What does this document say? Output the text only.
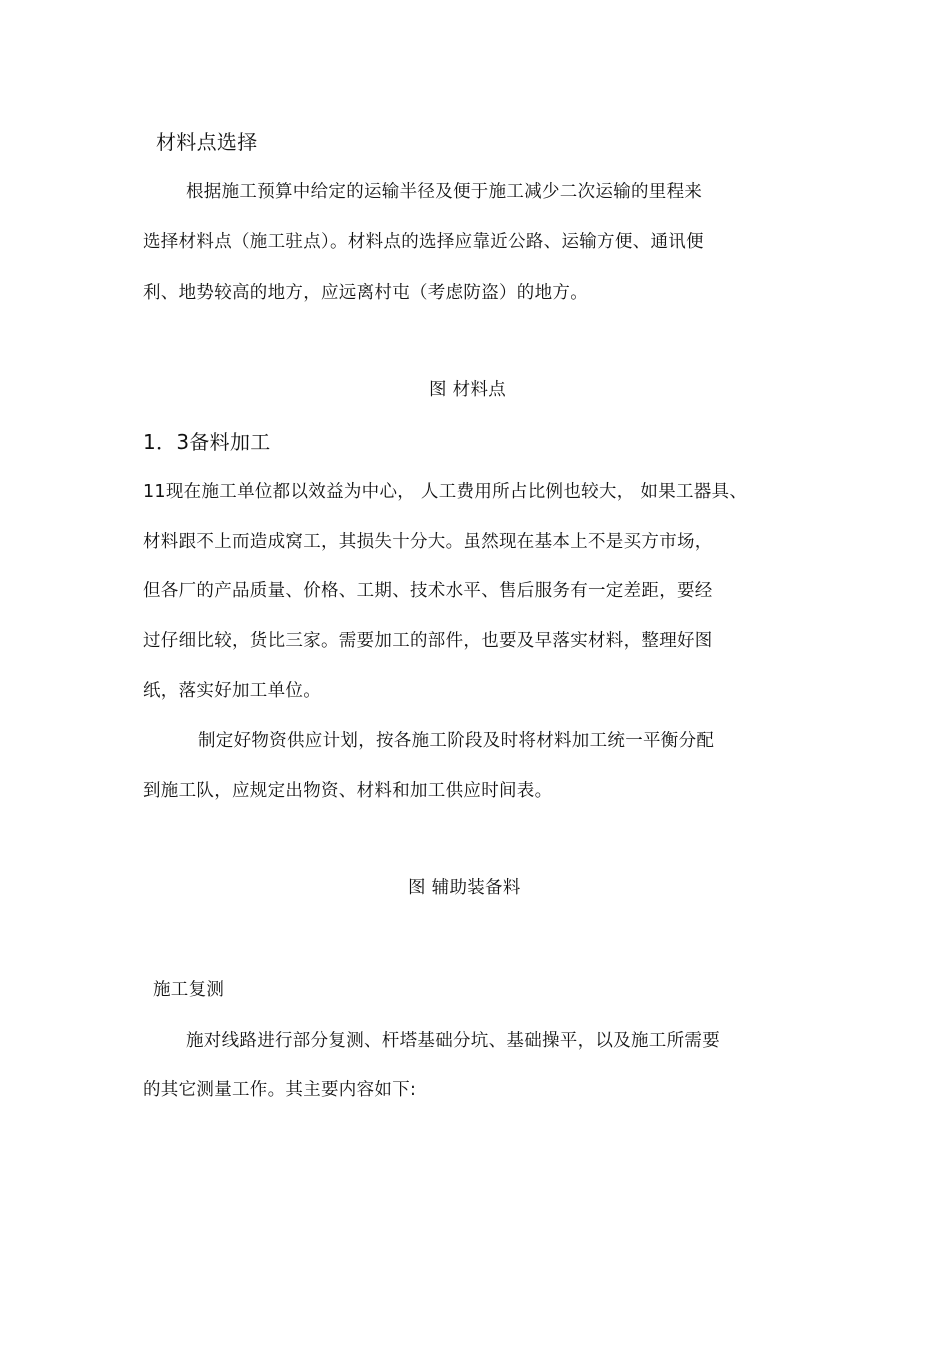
材料点选择
根据施工预算中给定的运输半径及便于施工减少二次运输的里程来
选择材料点（施工驻点）。材料点的选择应靠近公路、运输方便、通讯便
利、地势较高的地方，应远离村屯（考虑防盗）的地方。
图 材料点
1．3备料加工
11现在施工单位都以效益为中心， 人工费用所占比例也较大， 如果工器具、
材料跟不上而造成窝工，其损失十分大。虽然现在基本上不是买方市场，
但各厂的产品质量、价格、工期、技术水平、售后服务有一定差距，要经
过仔细比较，货比三家。需要加工的部件，也要及早落实材料，整理好图
纸，落实好加工单位。
制定好物资供应计划，按各施工阶段及时将材料加工统一平衡分配
到施工队，应规定出物资、材料和加工供应时间表。
图 辅助装备料
施工复测
施对线路进行部分复测、杆塔基础分坑、基础操平，以及施工所需要
的其它测量工作。其主要内容如下:
